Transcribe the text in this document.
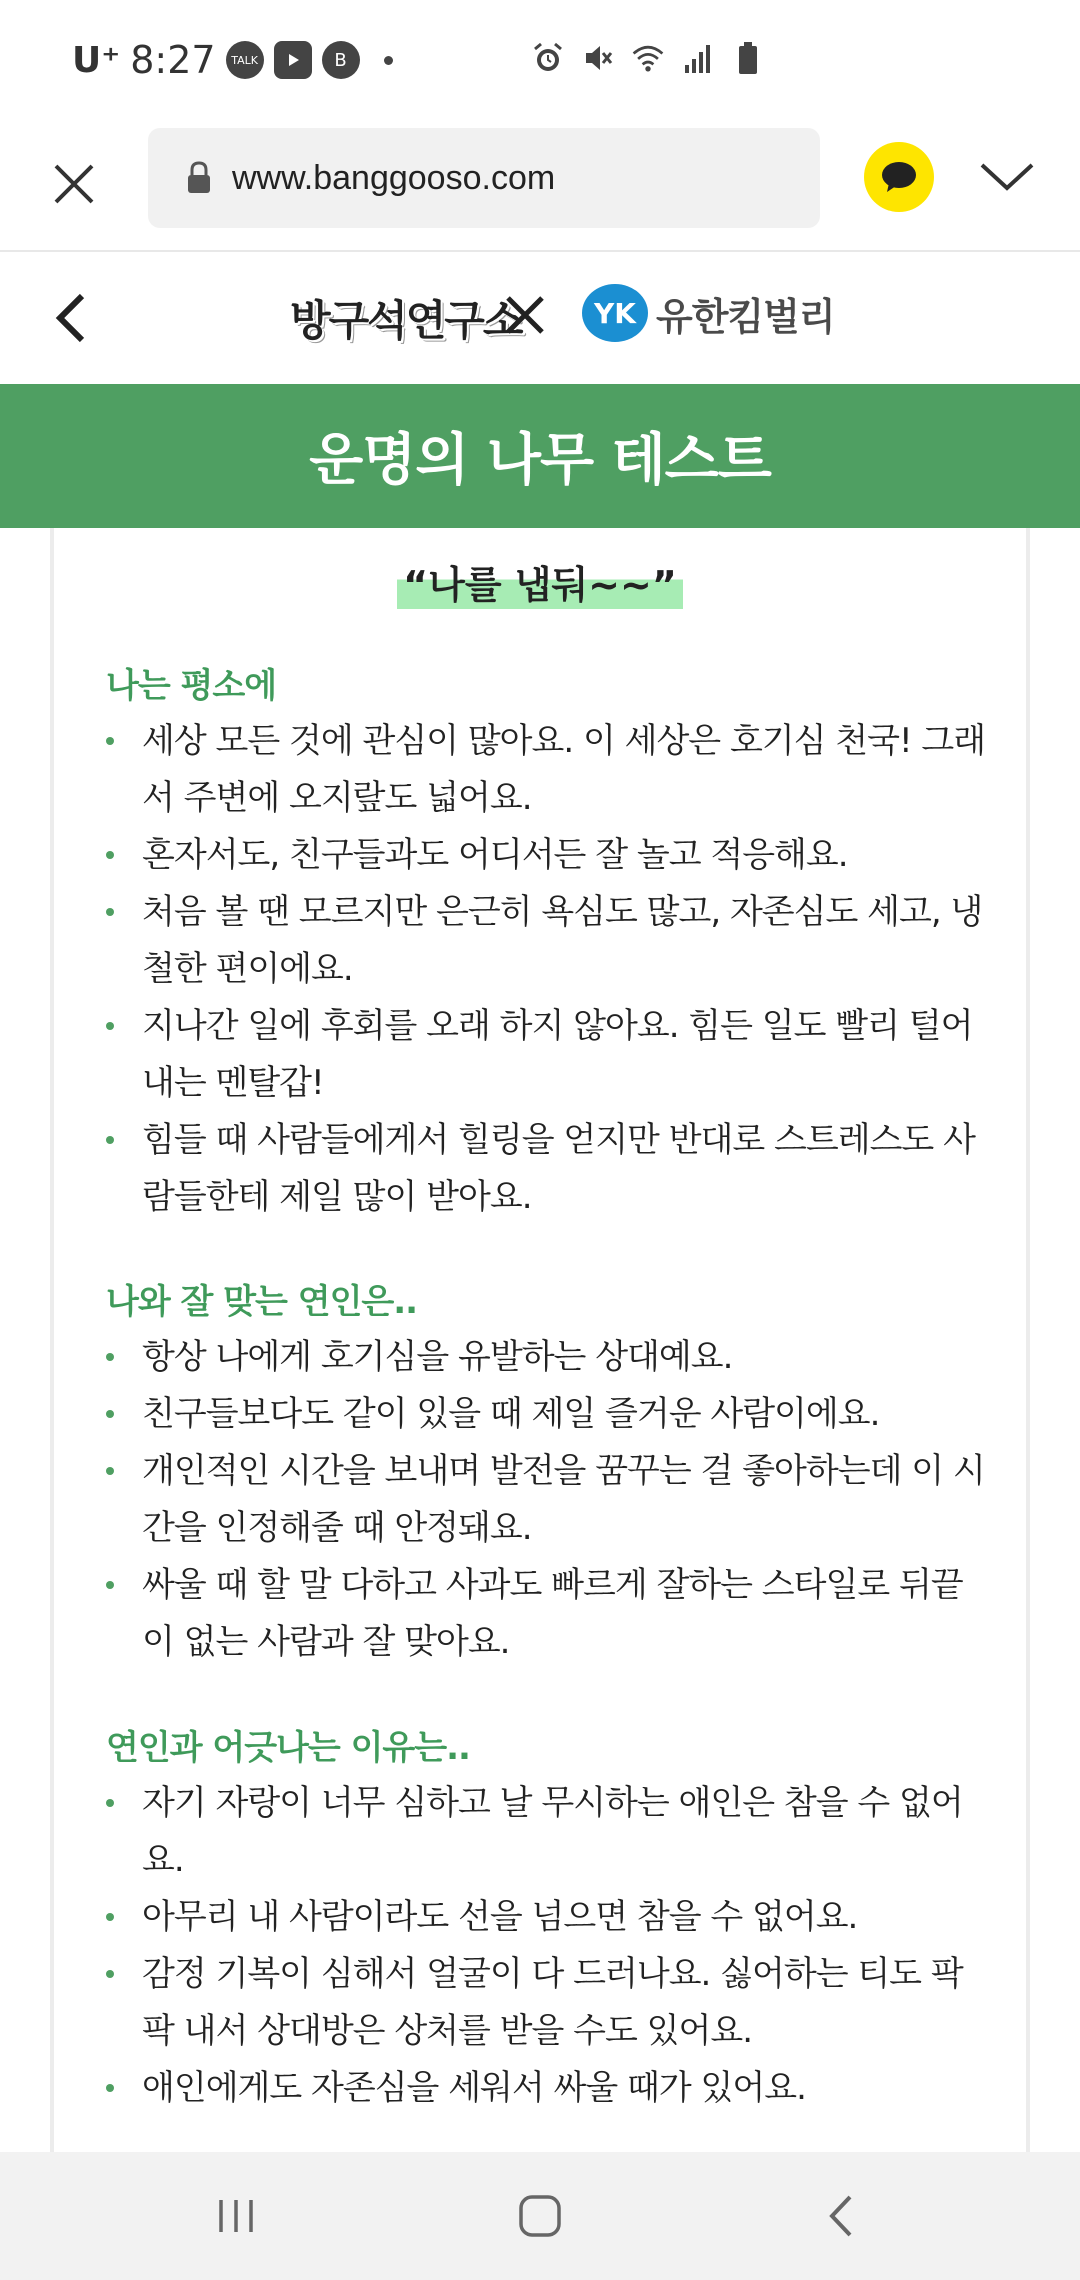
U⁺ 8:27	TALK	B
www.banggooso.com
방구석연구소	YK 유한킴벌리
운명의 나무 테스트
“나를 냅둬~~”
나는 평소에
세상 모든 것에 관심이 많아요. 이 세상은 호기심 천국! 그래서 주변에 오지랖도 넓어요.
혼자서도, 친구들과도 어디서든 잘 놀고 적응해요.
처음 볼 땐 모르지만 은근히 욕심도 많고, 자존심도 세고, 냉철한 편이에요.
지나간 일에 후회를 오래 하지 않아요. 힘든 일도 빨리 털어내는 멘탈갑!
힘들 때 사람들에게서 힐링을 얻지만 반대로 스트레스도 사람들한테 제일 많이 받아요.
나와 잘 맞는 연인은..
항상 나에게 호기심을 유발하는 상대예요.
친구들보다도 같이 있을 때 제일 즐거운 사람이에요.
개인적인 시간을 보내며 발전을 꿈꾸는 걸 좋아하는데 이 시간을 인정해줄 때 안정돼요.
싸울 때 할 말 다하고 사과도 빠르게 잘하는 스타일로 뒤끝이 없는 사람과 잘 맞아요.
연인과 어긋나는 이유는..
자기 자랑이 너무 심하고 날 무시하는 애인은 참을 수 없어요.
아무리 내 사람이라도 선을 넘으면 참을 수 없어요.
감정 기복이 심해서 얼굴이 다 드러나요. 싫어하는 티도 팍팍 내서 상대방은 상처를 받을 수도 있어요.
애인에게도 자존심을 세워서 싸울 때가 있어요.
